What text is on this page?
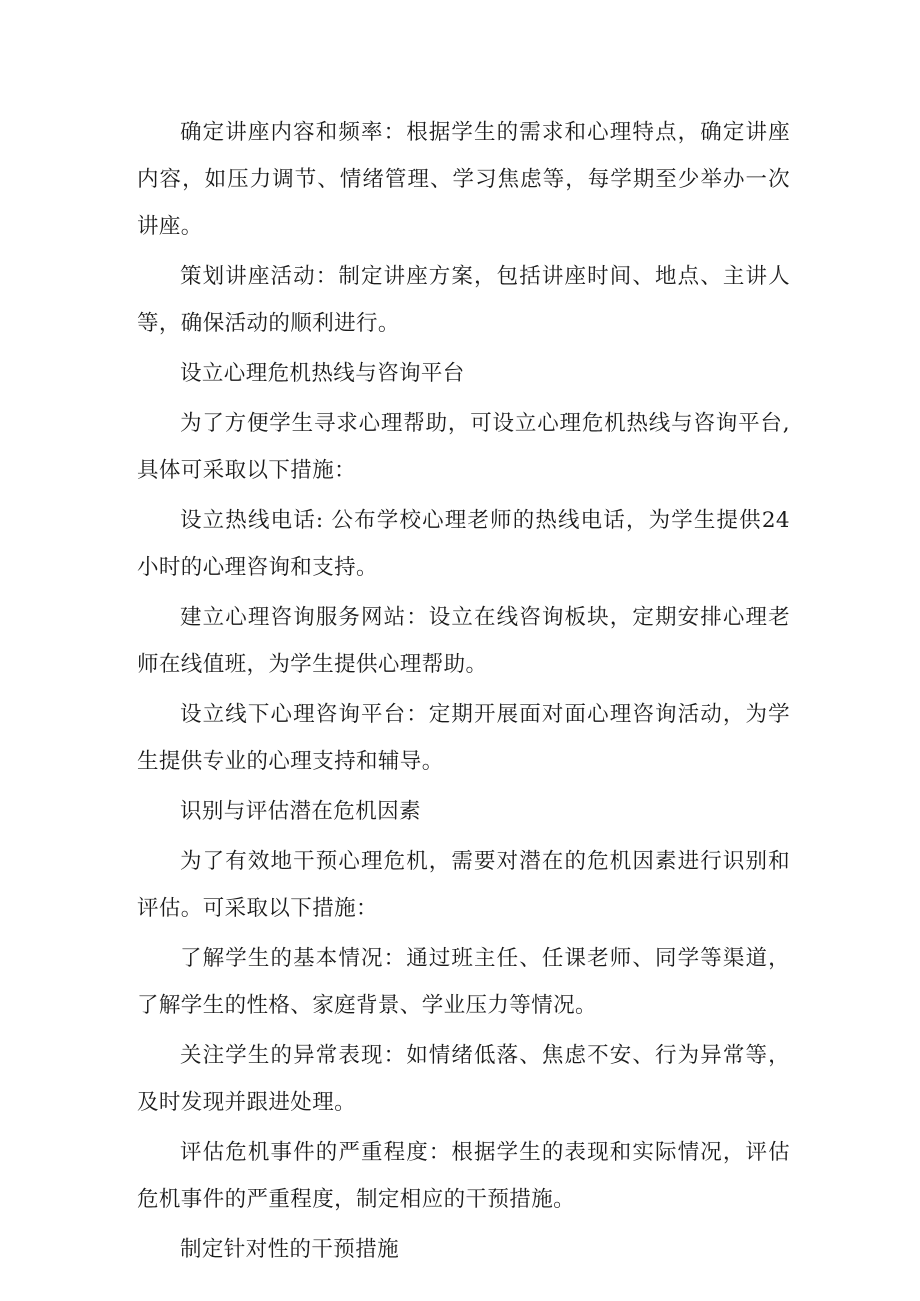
确定讲座内容和频率：根据学生的需求和心理特点，确定讲座内容，如压力调节、情绪管理、学习焦虑等，每学期至少举办一次讲座。

策划讲座活动：制定讲座方案，包括讲座时间、地点、主讲人等，确保活动的顺利进行。

设立心理危机热线与咨询平台

为了方便学生寻求心理帮助，可设立心理危机热线与咨询平台,具体可采取以下措施：

设立热线电话: 公布学校心理老师的热线电话，为学生提供24小时的心理咨询和支持。

建立心理咨询服务网站：设立在线咨询板块，定期安排心理老师在线值班，为学生提供心理帮助。

设立线下心理咨询平台：定期开展面对面心理咨询活动，为学生提供专业的心理支持和辅导。

识别与评估潜在危机因素

为了有效地干预心理危机，需要对潜在的危机因素进行识别和评估。可采取以下措施：

了解学生的基本情况：通过班主任、任课老师、同学等渠道，了解学生的性格、家庭背景、学业压力等情况。

关注学生的异常表现：如情绪低落、焦虑不安、行为异常等，及时发现并跟进处理。

评估危机事件的严重程度：根据学生的表现和实际情况，评估危机事件的严重程度，制定相应的干预措施。

制定针对性的干预措施
